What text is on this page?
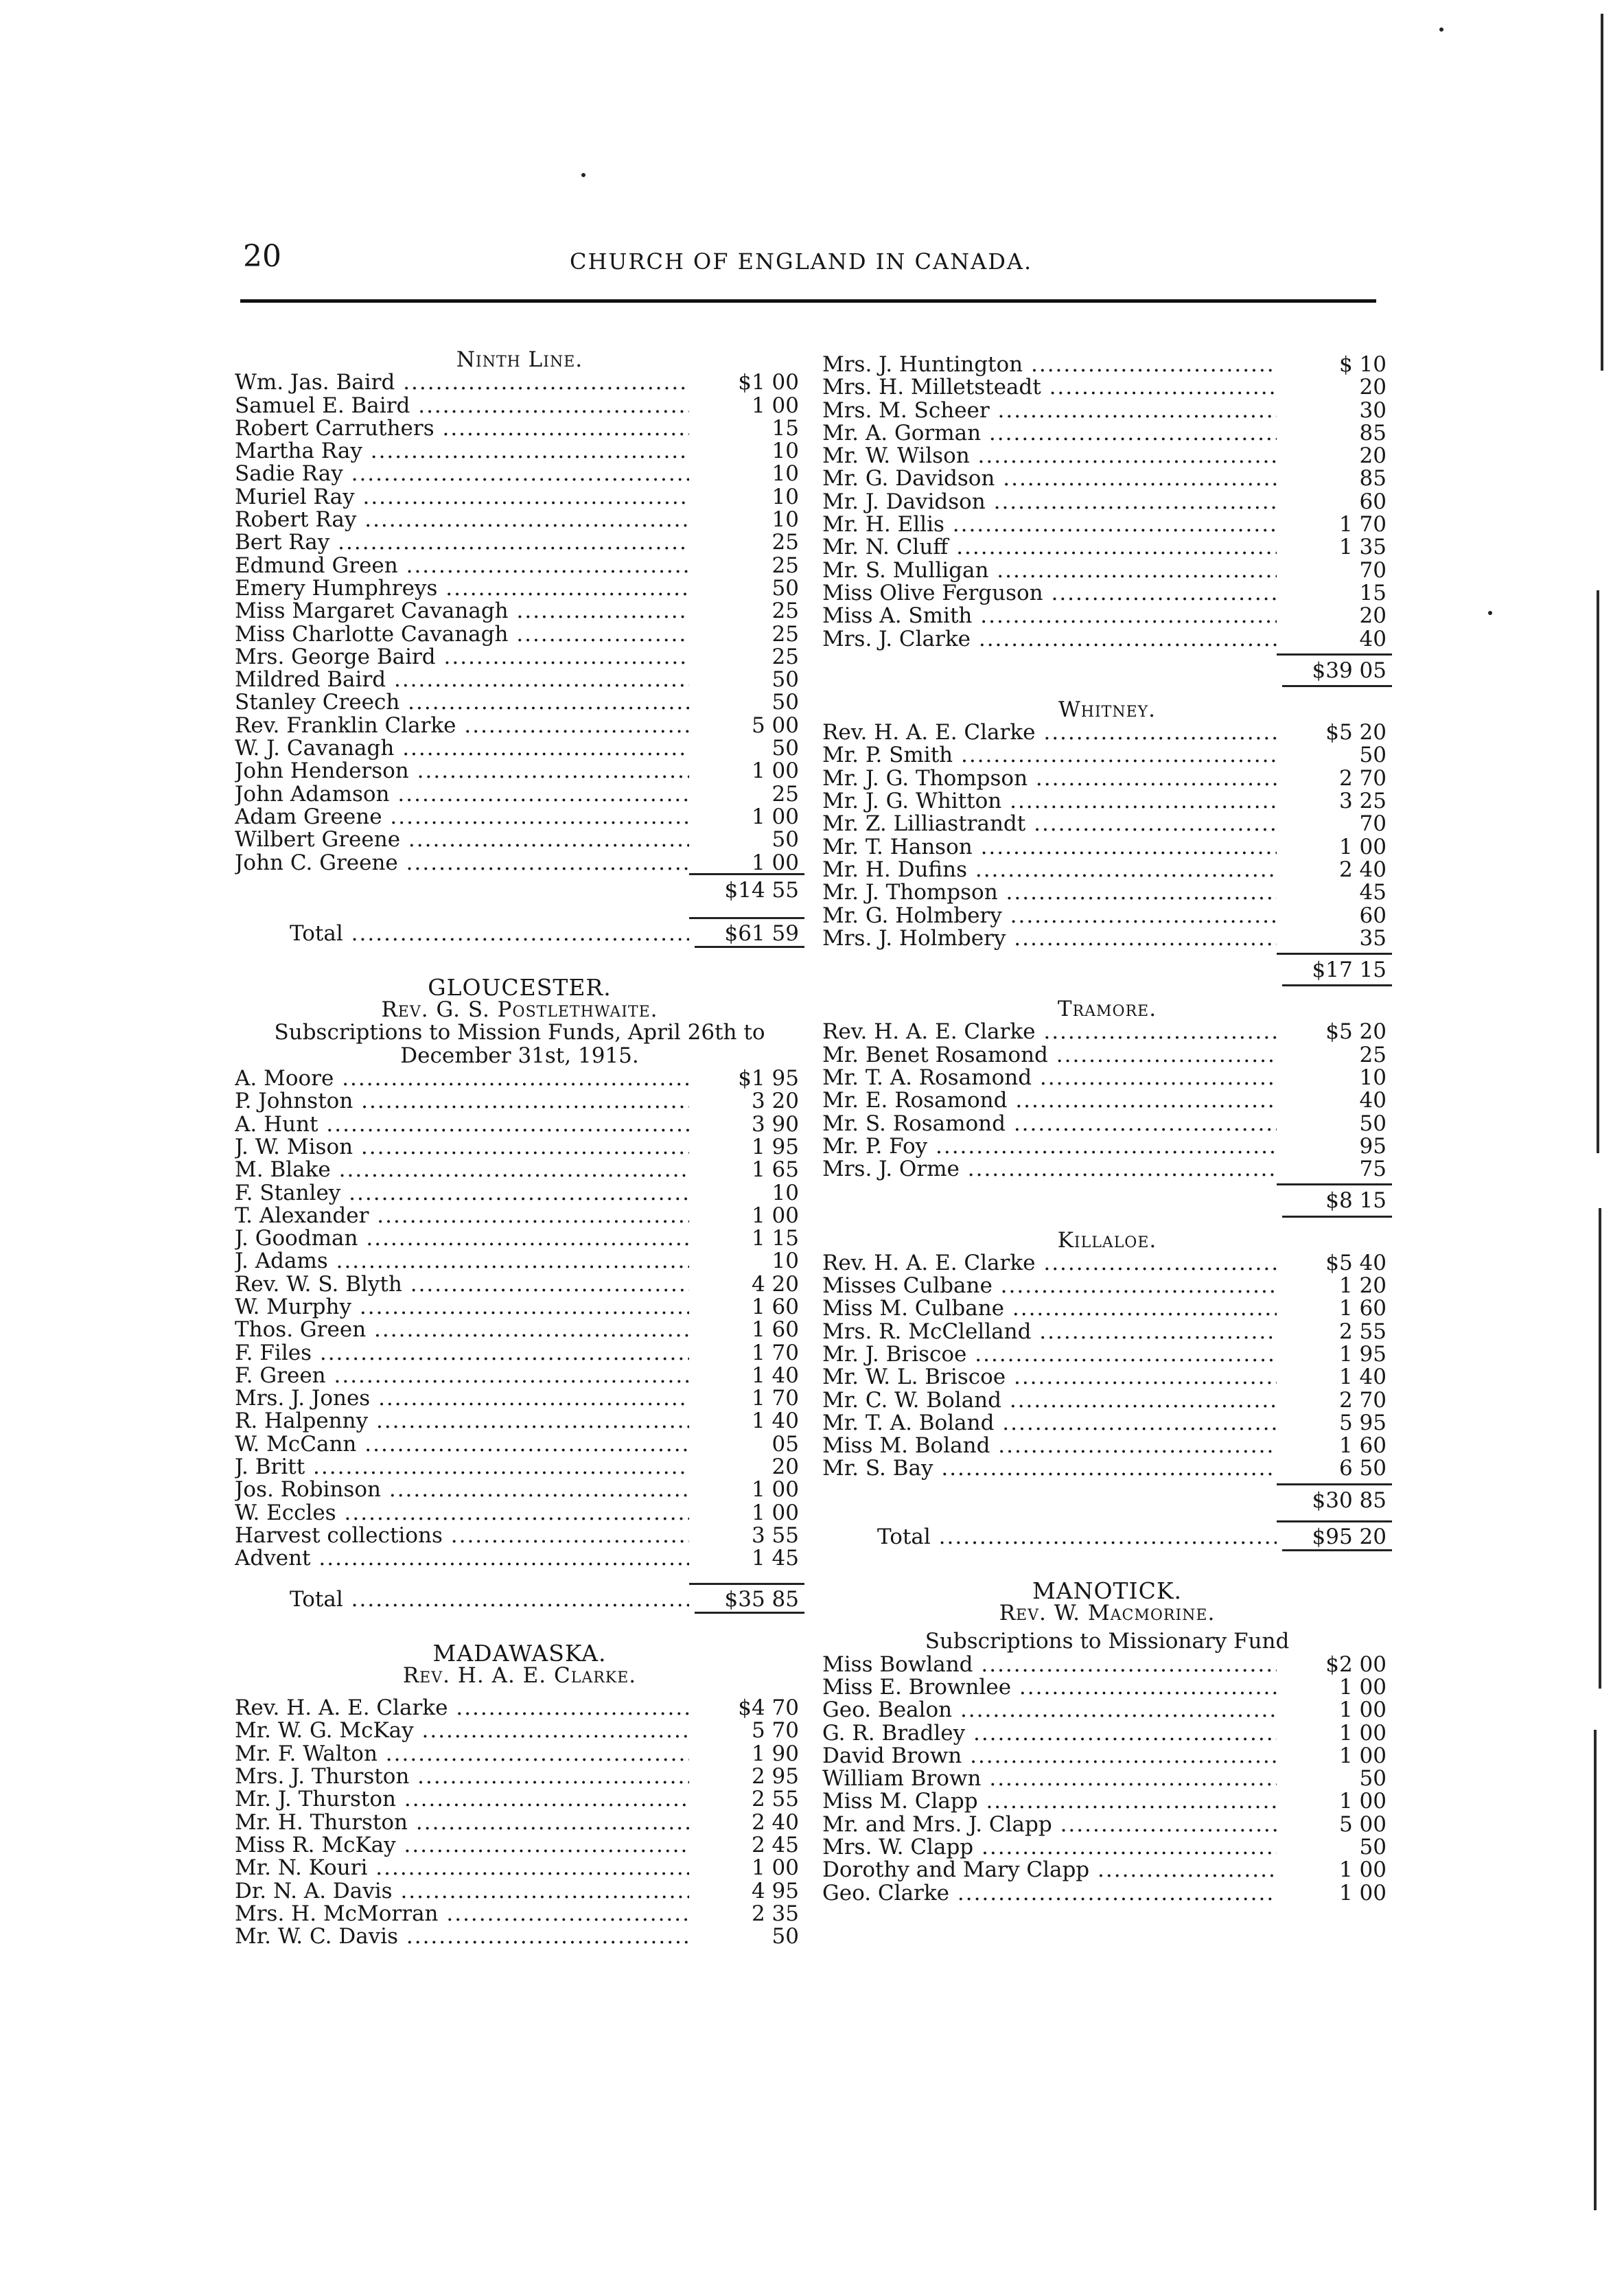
20	CHURCH OF ENGLAND IN CANADA.
Ninth Line.
Wm. Jas. Baird .....	$1 00
Samuel E. Baird .....	1 00
Robert Carruthers .....	15
Martha Ray .....	10
Sadie Ray .....	10
Muriel Ray .....	10
Robert Ray .....	10
Bert Ray .....	25
Edmund Green .....	25
Emery Humphreys .....	50
Miss Margaret Cavanagh .....	25
Miss Charlotte Cavanagh .....	25
Mrs. George Baird .....	25
Mildred Baird .....	50
Stanley Creech .....	50
Rev. Franklin Clarke .....	5 00
W. J. Cavanagh .....	50
John Henderson .....	1 00
John Adamson .....	25
Adam Greene .....	1 00
Wilbert Greene .....	50
John C. Greene .....	1 00
$14 55
Total .....	$61 59
GLOUCESTER.
Rev. G. S. Postlethwaite.
Subscriptions to Mission Funds, April 26th to
December 31st, 1915.
A. Moore .....	$1 95
P. Johnston .....	3 20
A. Hunt .....	3 90
J. W. Mison .....	1 95
M. Blake .....	1 65
F. Stanley .....	10
T. Alexander .....	1 00
J. Goodman .....	1 15
J. Adams .....	10
Rev. W. S. Blyth .....	4 20
W. Murphy .....	1 60
Thos. Green .....	1 60
F. Files .....	1 70
F. Green .....	1 40
Mrs. J. Jones .....	1 70
R. Halpenny .....	1 40
W. McCann .....	05
J. Britt .....	20
Jos. Robinson .....	1 00
W. Eccles .....	1 00
Harvest collections .....	3 55
Advent .....	1 45
Total .....	$35 85
MADAWASKA.
Rev. H. A. E. Clarke.
Rev. H. A. E. Clarke .....	$4 70
Mr. W. G. McKay .....	5 70
Mr. F. Walton .....	1 90
Mrs. J. Thurston .....	2 95
Mr. J. Thurston .....	2 55
Mr. H. Thurston .....	2 40
Miss R. McKay .....	2 45
Mr. N. Kouri .....	1 00
Dr. N. A. Davis .....	4 95
Mrs. H. McMorran .....	2 35
Mr. W. C. Davis .....	50
Mrs. J. Huntington .....	$ 10
Mrs. H. Milletsteadt .....	20
Mrs. M. Scheer .....	30
Mr. A. Gorman .....	85
Mr. W. Wilson .....	20
Mr. G. Davidson .....	85
Mr. J. Davidson .....	60
Mr. H. Ellis .....	1 70
Mr. N. Cluff .....	1 35
Mr. S. Mulligan .....	70
Miss Olive Ferguson .....	15
Miss A. Smith .....	20
Mrs. J. Clarke .....	40
$39 05
Whitney.
Rev. H. A. E. Clarke .....	$5 20
Mr. P. Smith .....	50
Mr. J. G. Thompson .....	2 70
Mr. J. G. Whitton .....	3 25
Mr. Z. Lilliastrandt .....	70
Mr. T. Hanson .....	1 00
Mr. H. Dufins .....	2 40
Mr. J. Thompson .....	45
Mr. G. Holmbery .....	60
Mrs. J. Holmbery .....	35
$17 15
Tramore.
Rev. H. A. E. Clarke .....	$5 20
Mr. Benet Rosamond .....	25
Mr. T. A. Rosamond .....	10
Mr. E. Rosamond .....	40
Mr. S. Rosamond .....	50
Mr. P. Foy .....	95
Mrs. J. Orme .....	75
$8 15
Killaloe.
Rev. H. A. E. Clarke .....	$5 40
Misses Culbane .....	1 20
Miss M. Culbane .....	1 60
Mrs. R. McClelland .....	2 55
Mr. J. Briscoe .....	1 95
Mr. W. L. Briscoe .....	1 40
Mr. C. W. Boland .....	2 70
Mr. T. A. Boland .....	5 95
Miss M. Boland .....	1 60
Mr. S. Bay .....	6 50
$30 85
Total .....	$95 20
MANOTICK.
Rev. W. Macmorine.
Subscriptions to Missionary Fund
Miss Bowland .....	$2 00
Miss E. Brownlee .....	1 00
Geo. Bealon .....	1 00
G. R. Bradley .....	1 00
David Brown .....	1 00
William Brown .....	50
Miss M. Clapp .....	1 00
Mr. and Mrs. J. Clapp .....	5 00
Mrs. W. Clapp .....	50
Dorothy and Mary Clapp .....	1 00
Geo. Clarke .....	1 00
